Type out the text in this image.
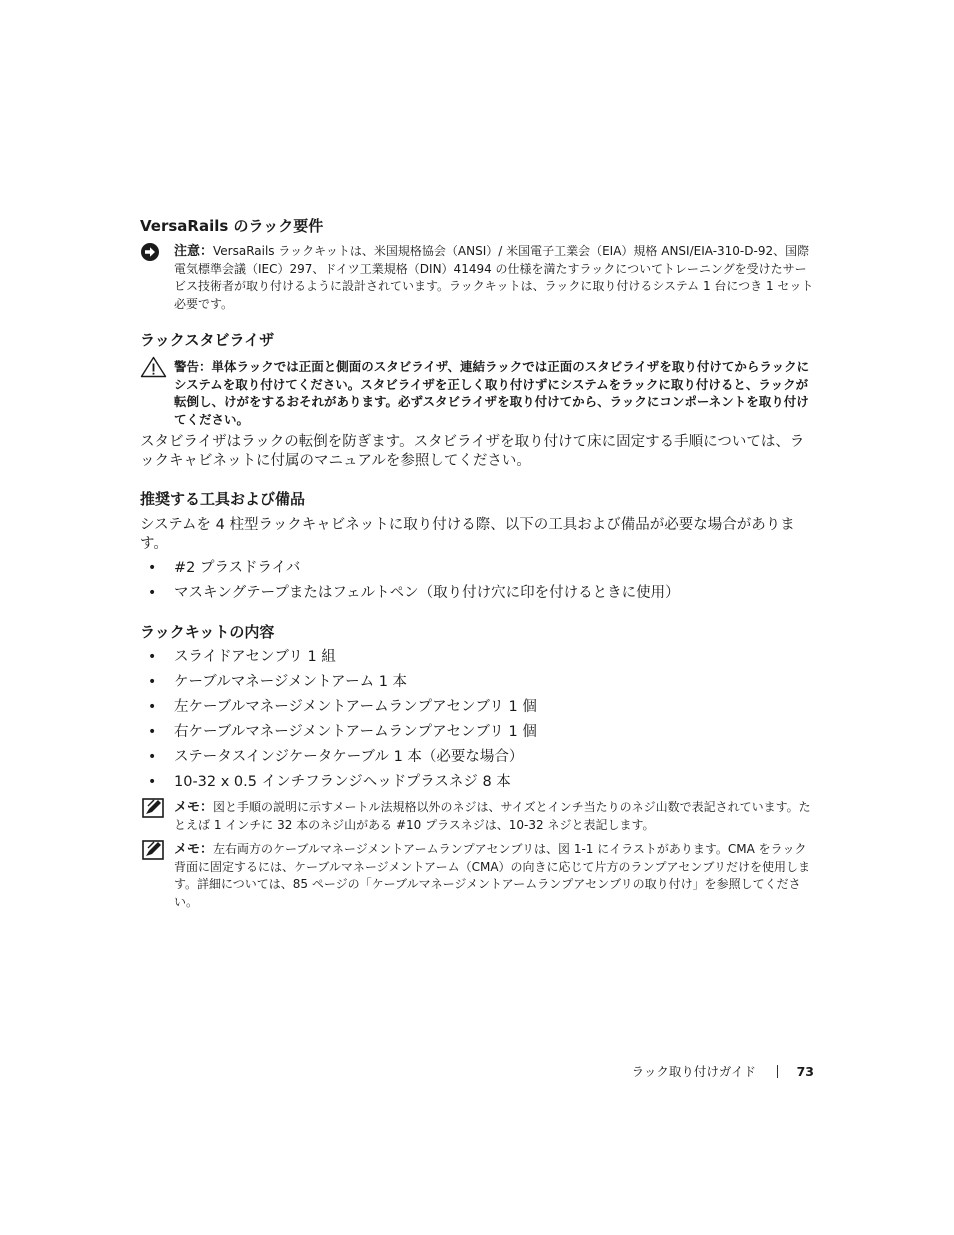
VersaRails のラック要件

注意：VersaRails ラックキットは、米国規格協会（ANSI）/ 米国電子工業会（EIA）規格 ANSI/EIA-310-D-92、国際電気標準会議（IEC）297、ドイツ工業規格（DIN）41494 の仕様を満たすラックについてトレーニングを受けたサービス技術者が取り付けるように設計されています。ラックキットは、ラックに取り付けるシステム 1 台につき 1 セット必要です。

ラックスタビライザ

警告：単体ラックでは正面と側面のスタビライザ、連結ラックでは正面のスタビライザを取り付けてからラックにシステムを取り付けてください。スタビライザを正しく取り付けずにシステムをラックに取り付けると、ラックが転倒し、けがをするおそれがあります。必ずスタビライザを取り付けてから、ラックにコンポーネントを取り付けてください。

スタビライザはラックの転倒を防ぎます。スタビライザを取り付けて床に固定する手順については、ラックキャビネットに付属のマニュアルを参照してください。

推奨する工具および備品

システムを 4 柱型ラックキャビネットに取り付ける際、以下の工具および備品が必要な場合があります。

• #2 プラスドライバ
• マスキングテープまたはフェルトペン（取り付け穴に印を付けるときに使用）
ラックキットの内容
• スライドアセンブリ 1 組
• ケーブルマネージメントアーム 1 本
• 左ケーブルマネージメントアームランプアセンブリ 1 個
• 右ケーブルマネージメントアームランプアセンブリ 1 個
• ステータスインジケータケーブル 1 本（必要な場合）
• 10-32 x 0.5 インチフランジヘッドプラスネジ 8 本

メモ：図と手順の説明に示すメートル法規格以外のネジは、サイズとインチ当たりのネジ山数で表記されています。たとえば 1 インチに 32 本のネジ山がある #10 プラスネジは、10-32 ネジと表記します。

メモ：左右両方のケーブルマネージメントアームランプアセンブリは、図 1-1 にイラストがあります。CMA をラック背面に固定するには、ケーブルマネージメントアーム（CMA）の向きに応じて片方のランプアセンブリだけを使用します。詳細については、85 ページの「ケーブルマネージメントアームランプアセンブリの取り付け」を参照してください。

ラック取り付けガイド	73
